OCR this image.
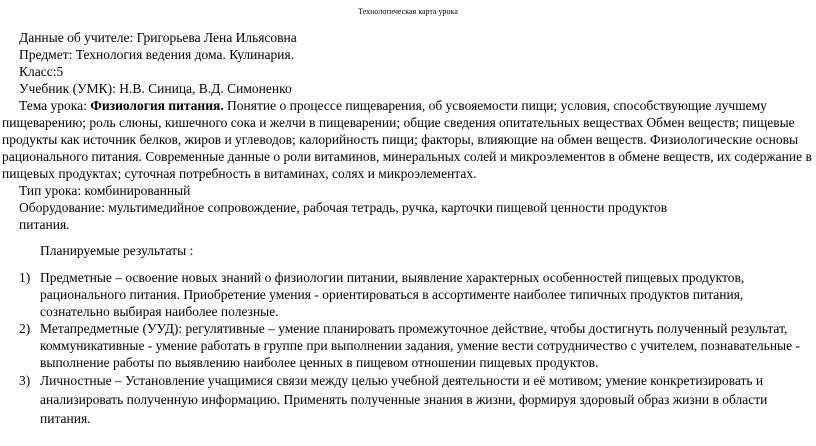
Технологическая карта урока
Данные об учителе: Григорьева Лена Ильясовна
Предмет: Технология ведения дома. Кулинария.
Класс:5
Учебник (УМК): Н.В. Синица, В.Д. Симоненко
Тема урока: Физиология питания. Понятие о процессе пищеварения, об усвояемости пищи; условия, способствующие лучшему
пищеварению; роль слюны, кишечного сока и желчи в пищеварении; общие сведения опитательных веществах Обмен веществ; пищевые
продукты как источник белков, жиров и углеводов; калорийность пищи; факторы, влияющие на обмен веществ. Физиологические основы
рационального питания. Современные данные о роли витаминов, минеральных солей и микроэлементов в обмене веществ, их содержание в
пищевых продуктах; суточная потребность в витаминах, солях и микроэлементах.
Тип урока: комбинированный
Оборудование: мультимедийное сопровождение, рабочая тетрадь, ручка, карточки пищевой ценности продуктов
питания.
Планируемые результаты :
1) Предметные – освоение новых знаний о физиологии питании, выявление характерных особенностей пищевых продуктов,
рационального питания. Приобретение умения - ориентироваться в ассортименте наиболее типичных продуктов питания,
сознательно выбирая наиболее полезные.
2) Метапредметные (УУД): регулятивные – умение планировать промежуточное действие, чтобы достигнуть полученный результат,
коммуникативные - умение работать в группе при выполнении задания, умение вести сотрудничество с учителем, познавательные -
выполнение работы по выявлению наиболее ценных в пищевом отношении пищевых продуктов.
3) Личностные – Установление учащимися связи между целью учебной деятельности и её мотивом; умение конкретизировать и
анализировать полученную информацию. Применять полученные знания в жизни, формируя здоровый образ жизни в области
питания.
